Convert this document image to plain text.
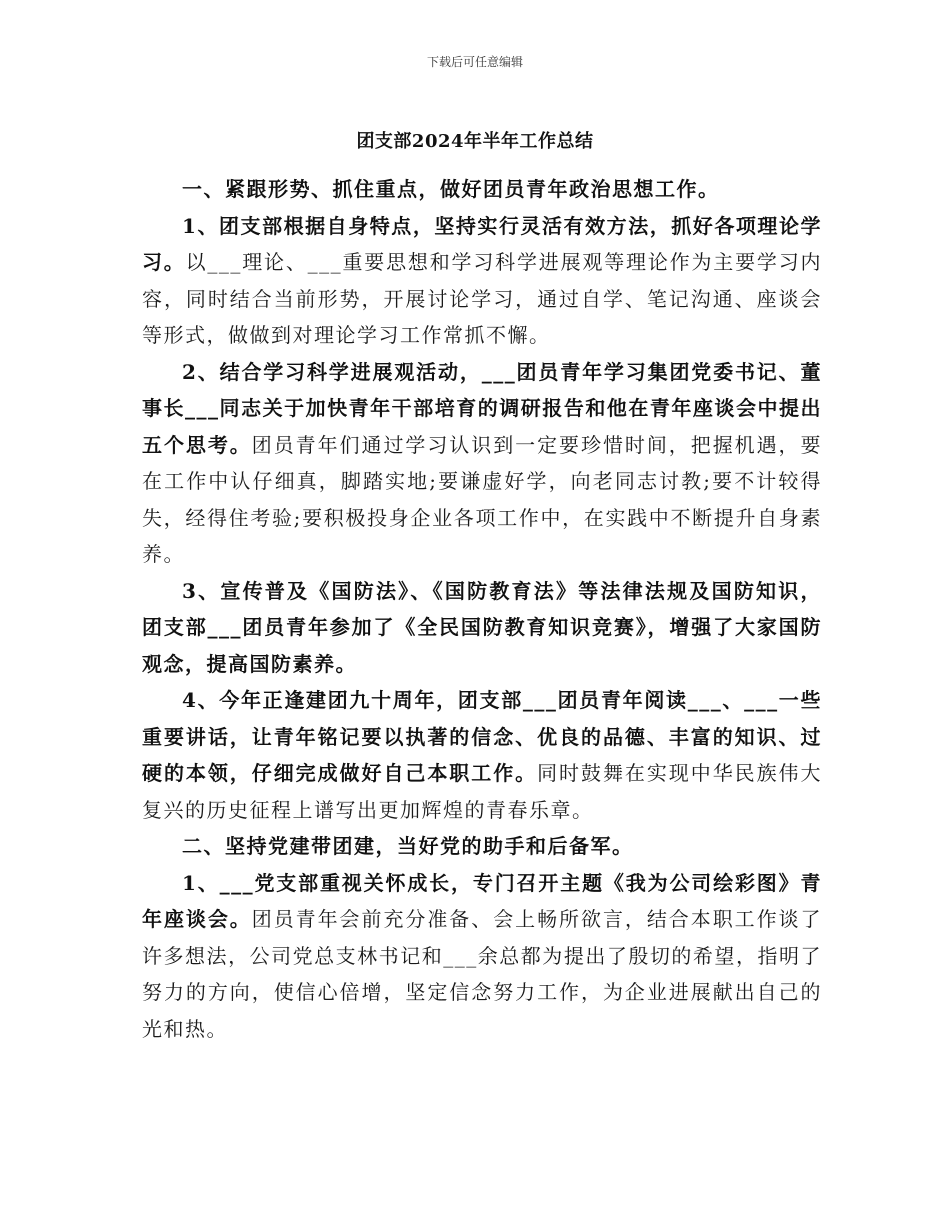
下载后可任意编辑
团支部2024年半年工作总结

一、紧跟形势、抓住重点，做好团员青年政治思想工作。

1、团支部根据自身特点，坚持实行灵活有效方法，抓好各项理论学习。以___理论、___重要思想和学习科学进展观等理论作为主要学习内容，同时结合当前形势，开展讨论学习，通过自学、笔记沟通、座谈会等形式，做做到对理论学习工作常抓不懈。

2、结合学习科学进展观活动，___团员青年学习集团党委书记、董事长___同志关于加快青年干部培育的调研报告和他在青年座谈会中提出五个思考。团员青年们通过学习认识到一定要珍惜时间，把握机遇，要在工作中认仔细真，脚踏实地;要谦虚好学，向老同志讨教;要不计较得失，经得住考验;要积极投身企业各项工作中，在实践中不断提升自身素养。

3、宣传普及《国防法》、《国防教育法》等法律法规及国防知识，团支部___团员青年参加了《全民国防教育知识竞赛》，增强了大家国防观念，提高国防素养。

4、今年正逢建团九十周年，团支部___团员青年阅读___、___一些重要讲话，让青年铭记要以执著的信念、优良的品德、丰富的知识、过硬的本领，仔细完成做好自己本职工作。同时鼓舞在实现中华民族伟大复兴的历史征程上谱写出更加辉煌的青春乐章。

二、坚持党建带团建，当好党的助手和后备军。

1、___党支部重视关怀成长，专门召开主题《我为公司绘彩图》青年座谈会。团员青年会前充分准备、会上畅所欲言，结合本职工作谈了许多想法，公司党总支林书记和___余总都为提出了殷切的希望，指明了努力的方向，使信心倍增，坚定信念努力工作，为企业进展献出自己的光和热。
